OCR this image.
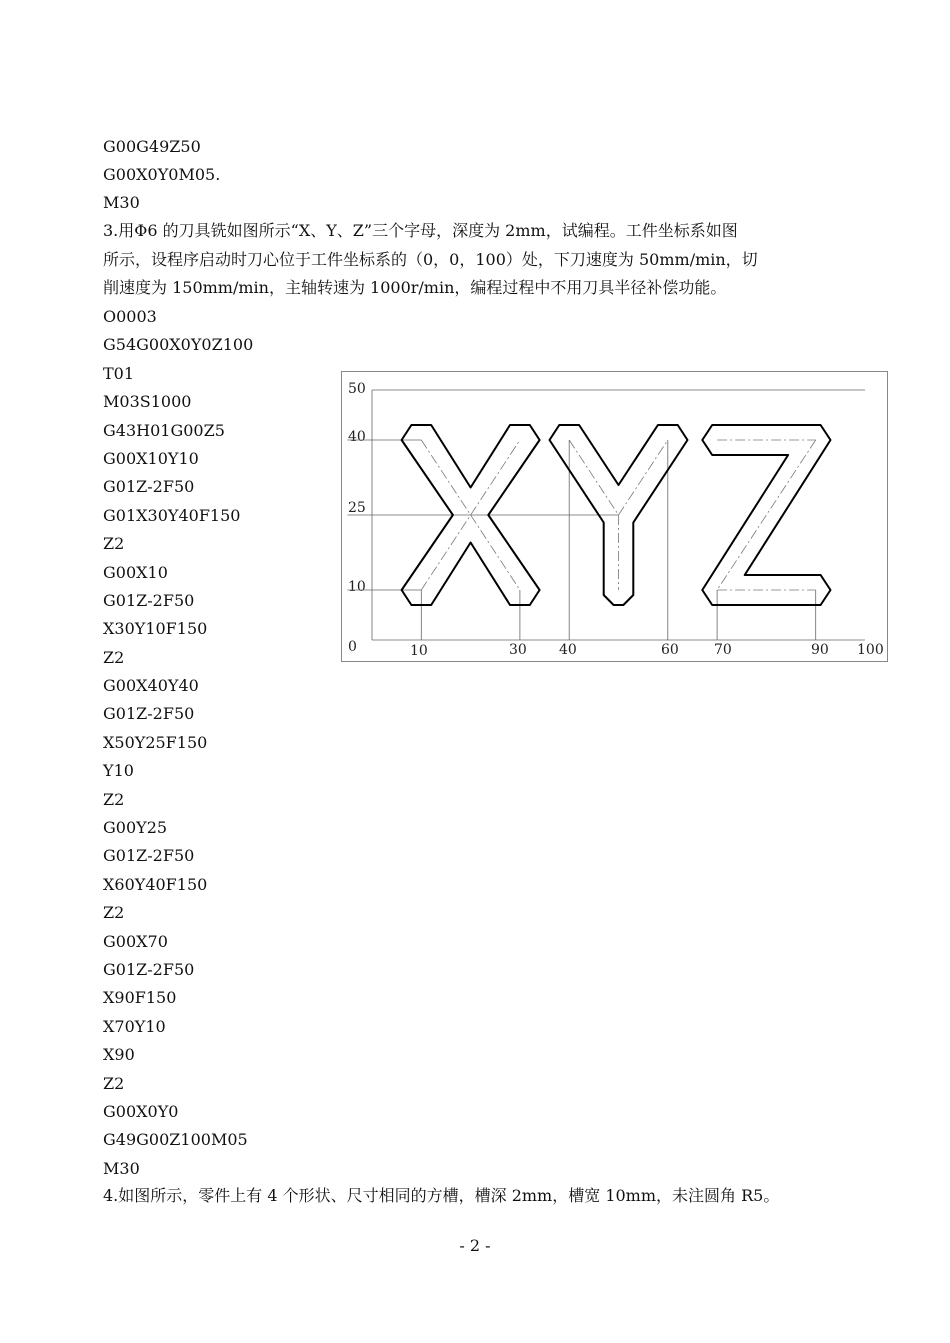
G00G49Z50
G00X0Y0M05.
M30
3.用Φ6 的刀具铣如图所示“X、Y、Z”三个字母，深度为 2mm，试编程。工件坐标系如图
所示，设程序启动时刀心位于工件坐标系的（0，0，100）处，下刀速度为 50mm/min，切
削速度为 150mm/min，主轴转速为 1000r/min，编程过程中不用刀具半径补偿功能。
O0003
G54G00X0Y0Z100
T01
M03S1000
G43H01G00Z5
G00X10Y10
G01Z-2F50
G01X30Y40F150
Z2
G00X10
G01Z-2F50
X30Y10F150
Z2
G00X40Y40
G01Z-2F50
X50Y25F150
Y10
Z2
G00Y25
G01Z-2F50
X60Y40F150
Z2
G00X70
G01Z-2F50
X90F150
X70Y10
X90
Z2
G00X0Y0
G49G00Z100M05
M30
50
40
25
10
0	10	30 40	60	70	90 100
4.如图所示，零件上有 4 个形状、尺寸相同的方槽，槽深 2mm，槽宽 10mm，未注圆角 R5。
- 2 -
